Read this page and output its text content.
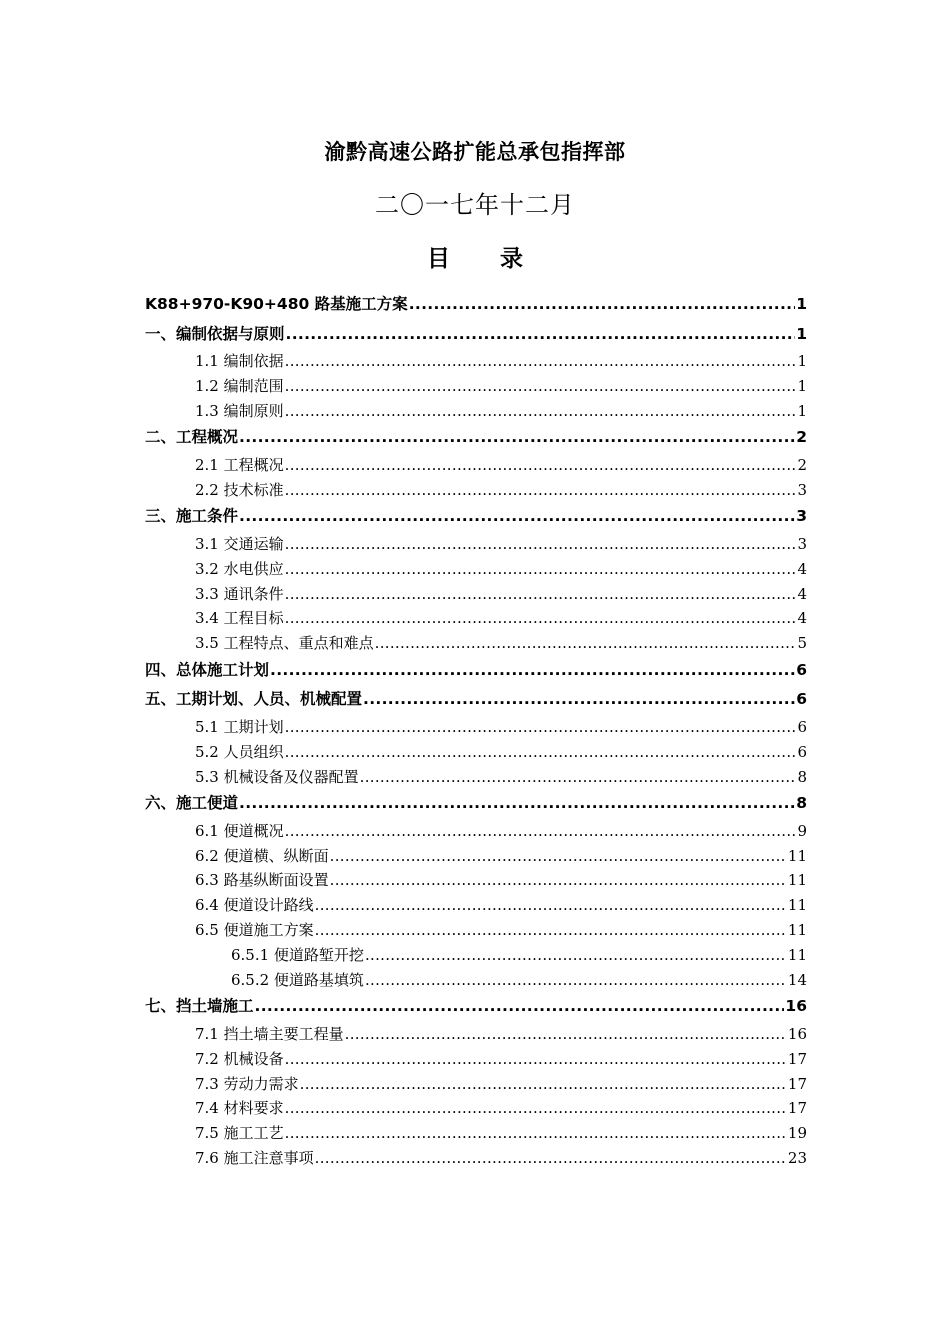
渝黔高速公路扩能总承包指挥部
二〇一七年十二月
目 录
K88+970-K90+480 路基施工方案 .....	1
一、编制依据与原则 .....	1
1.1 编制依据 .....	1
1.2 编制范围 .....	1
1.3 编制原则 .....	1
二、工程概况 .....	2
2.1 工程概况 .....	2
2.2 技术标准 .....	3
三、施工条件 .....	3
3.1 交通运输 .....	3
3.2 水电供应 .....	4
3.3 通讯条件 .....	4
3.4 工程目标 .....	4
3.5 工程特点、重点和难点 .....	5
四、总体施工计划 .....	6
五、工期计划、人员、机械配置 .....	6
5.1 工期计划 .....	6
5.2 人员组织 .....	6
5.3 机械设备及仪器配置 .....	8
六、施工便道 .....	8
6.1 便道概况 .....	9
6.2 便道横、纵断面 .....	11
6.3 路基纵断面设置 .....	11
6.4 便道设计路线 .....	11
6.5 便道施工方案 .....	11
6.5.1 便道路堑开挖 .....	11
6.5.2 便道路基填筑 .....	14
七、挡土墙施工 .....	16
7.1 挡土墙主要工程量 .....	16
7.2 机械设备 .....	17
7.3 劳动力需求 .....	17
7.4 材料要求 .....	17
7.5 施工工艺 .....	19
7.6 施工注意事项 .....	23
